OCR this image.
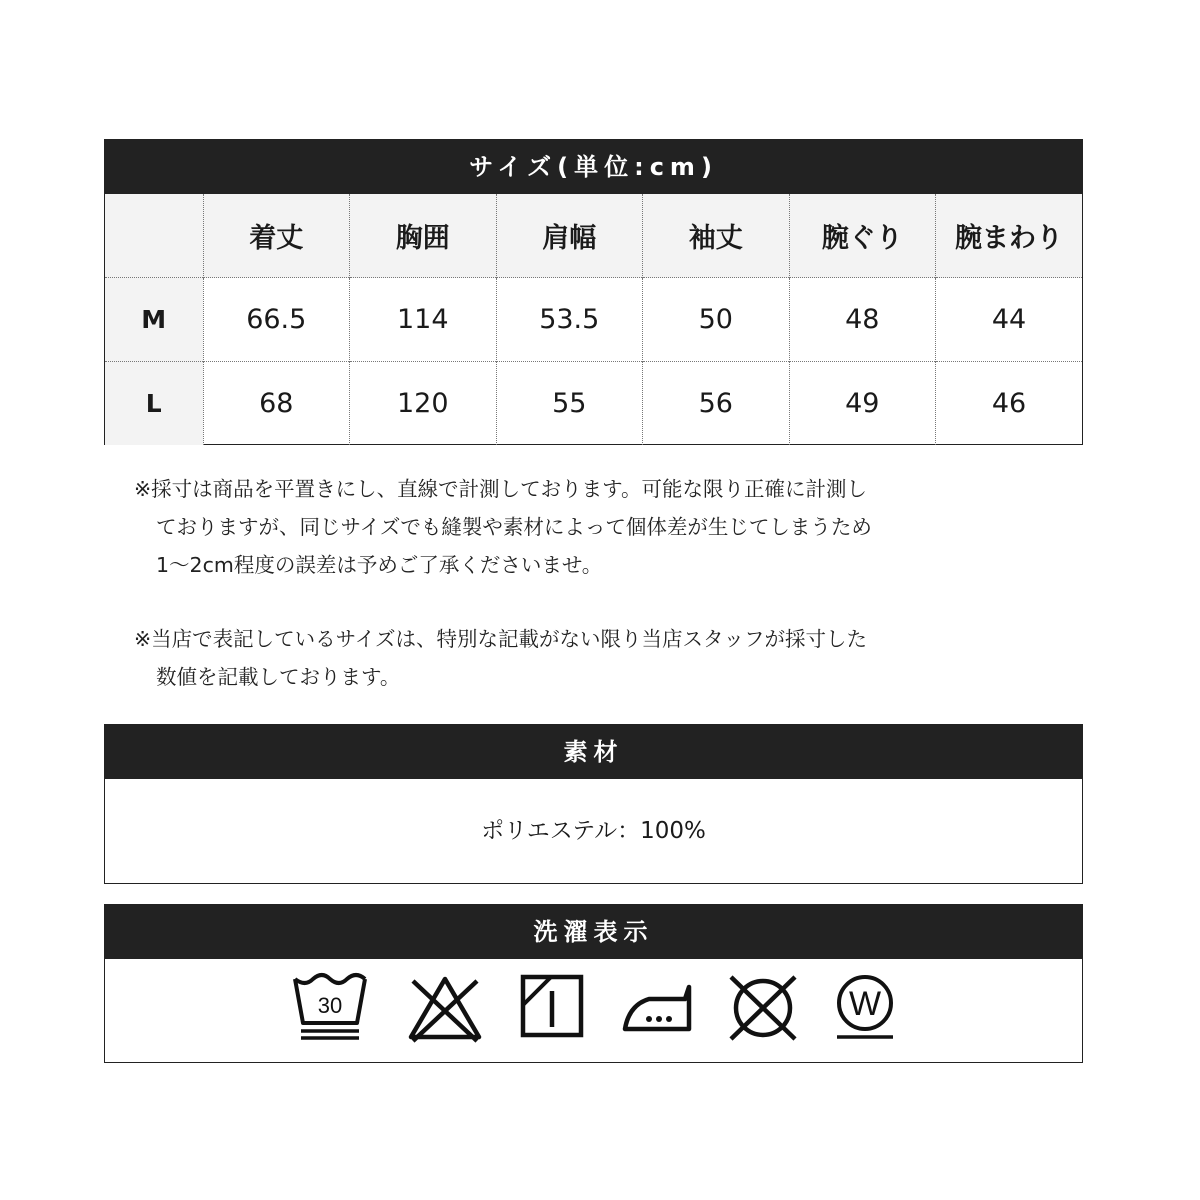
サイズ(単位:cm)
	着丈	胸囲	肩幅	袖丈	腕ぐり	腕まわり
M	66.5	114	53.5	50	48	44
L	68	120	55	56	49	46

※採寸は商品を平置きにし、直線で計測しております。可能な限り正確に計測し

ておりますが、同じサイズでも縫製や素材によって個体差が生じてしまうため

1～2cm程度の誤差は予めご了承くださいませ。

※当店で表記しているサイズは、特別な記載がない限り当店スタッフが採寸した

数値を記載しております。

素材
ポリエステル：100%
洗濯表示
30	W
